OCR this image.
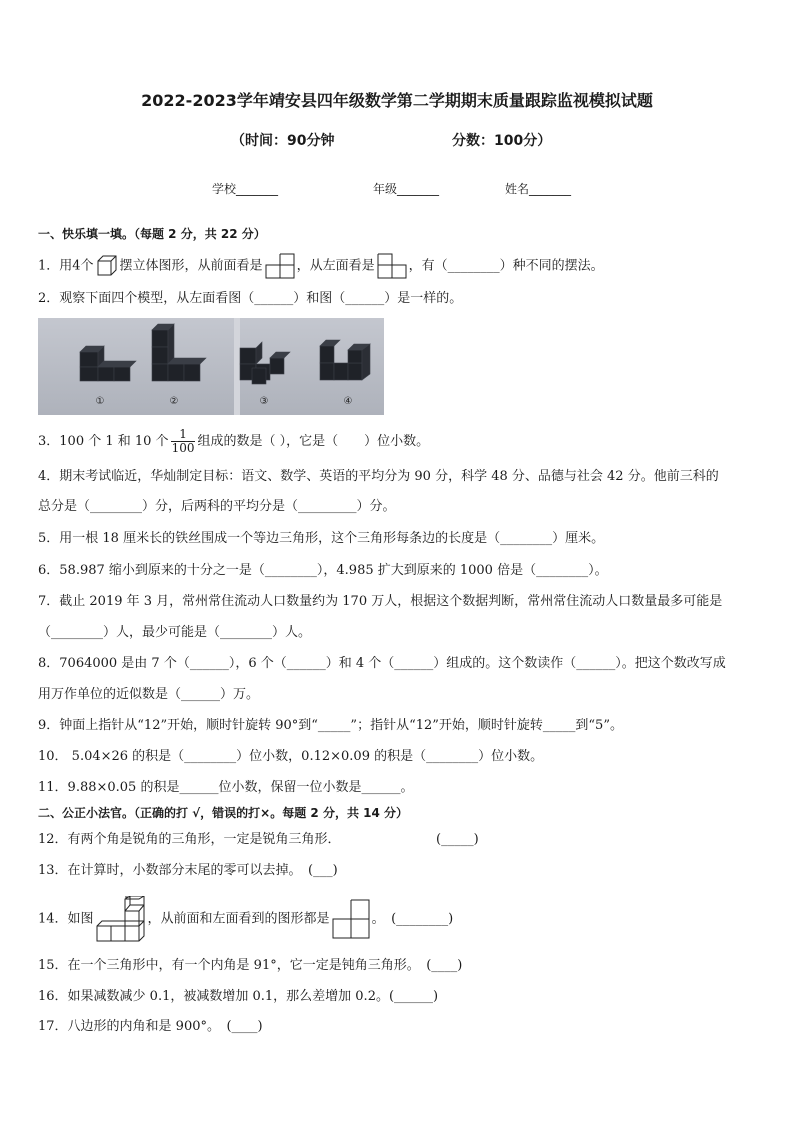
2022-2023学年靖安县四年级数学第二学期期末质量跟踪监视模拟试题
（时间：90分钟	分数：100分）
学校_______	年级_______	姓名_______
一、快乐填一填。（每题 2 分，共 22 分）
1．用4个 摆立体图形，从前面看是	，从左面看是	，有（________）种不同的摆法。
2．观察下面四个模型，从左面看图（______）和图（______）是一样的。
①	②	③	④
3．100 个 1 和 10 个 $\frac{1}{100}$ 组成的数是（ ），它是（　　）位小数。
4．期末考试临近，华灿制定目标：语文、数学、英语的平均分为 90 分，科学 48 分、品德与社会 42 分。他前三科的
总分是（________）分，后两科的平均分是（_________）分。
5．用一根 18 厘米长的铁丝围成一个等边三角形，这个三角形每条边的长度是（________）厘米。
6．58.987 缩小到原来的十分之一是（________），4.985 扩大到原来的 1000 倍是（________）。
7．截止 2019 年 3 月，常州常住流动人口数量约为 170 万人，根据这个数据判断，常州常住流动人口数量最多可能是
（________）人，最少可能是（________）人。
8．7064000 是由 7 个（______），6 个（______）和 4 个（______）组成的。这个数读作（______）。把这个数改写成
用万作单位的近似数是（______）万。
9．钟面上指针从“12”开始，顺时针旋转 90°到“_____”；指针从“12”开始，顺时针旋转_____到“5”。
10． 5.04×26 的积是（________）位小数，0.12×0.09 的积是（________）位小数。
11．9.88×0.05 的积是______位小数，保留一位小数是______。
二、公正小法官。（正确的打 √，错误的打×。每题 2 分，共 14 分）
12．有两个角是锐角的三角形，一定是锐角三角形．	(_____)
13．在计算时，小数部分末尾的零可以去掉。　(___)
14．如图	，从前面和左面看到的图形都是	。　(________)
15．在一个三角形中，有一个内角是 91°，它一定是钝角三角形。　(____)
16．如果减数减少 0.1，被减数增加 0.1，那么差增加 0.2。(______)
17．八边形的内角和是 900°。　(____)
